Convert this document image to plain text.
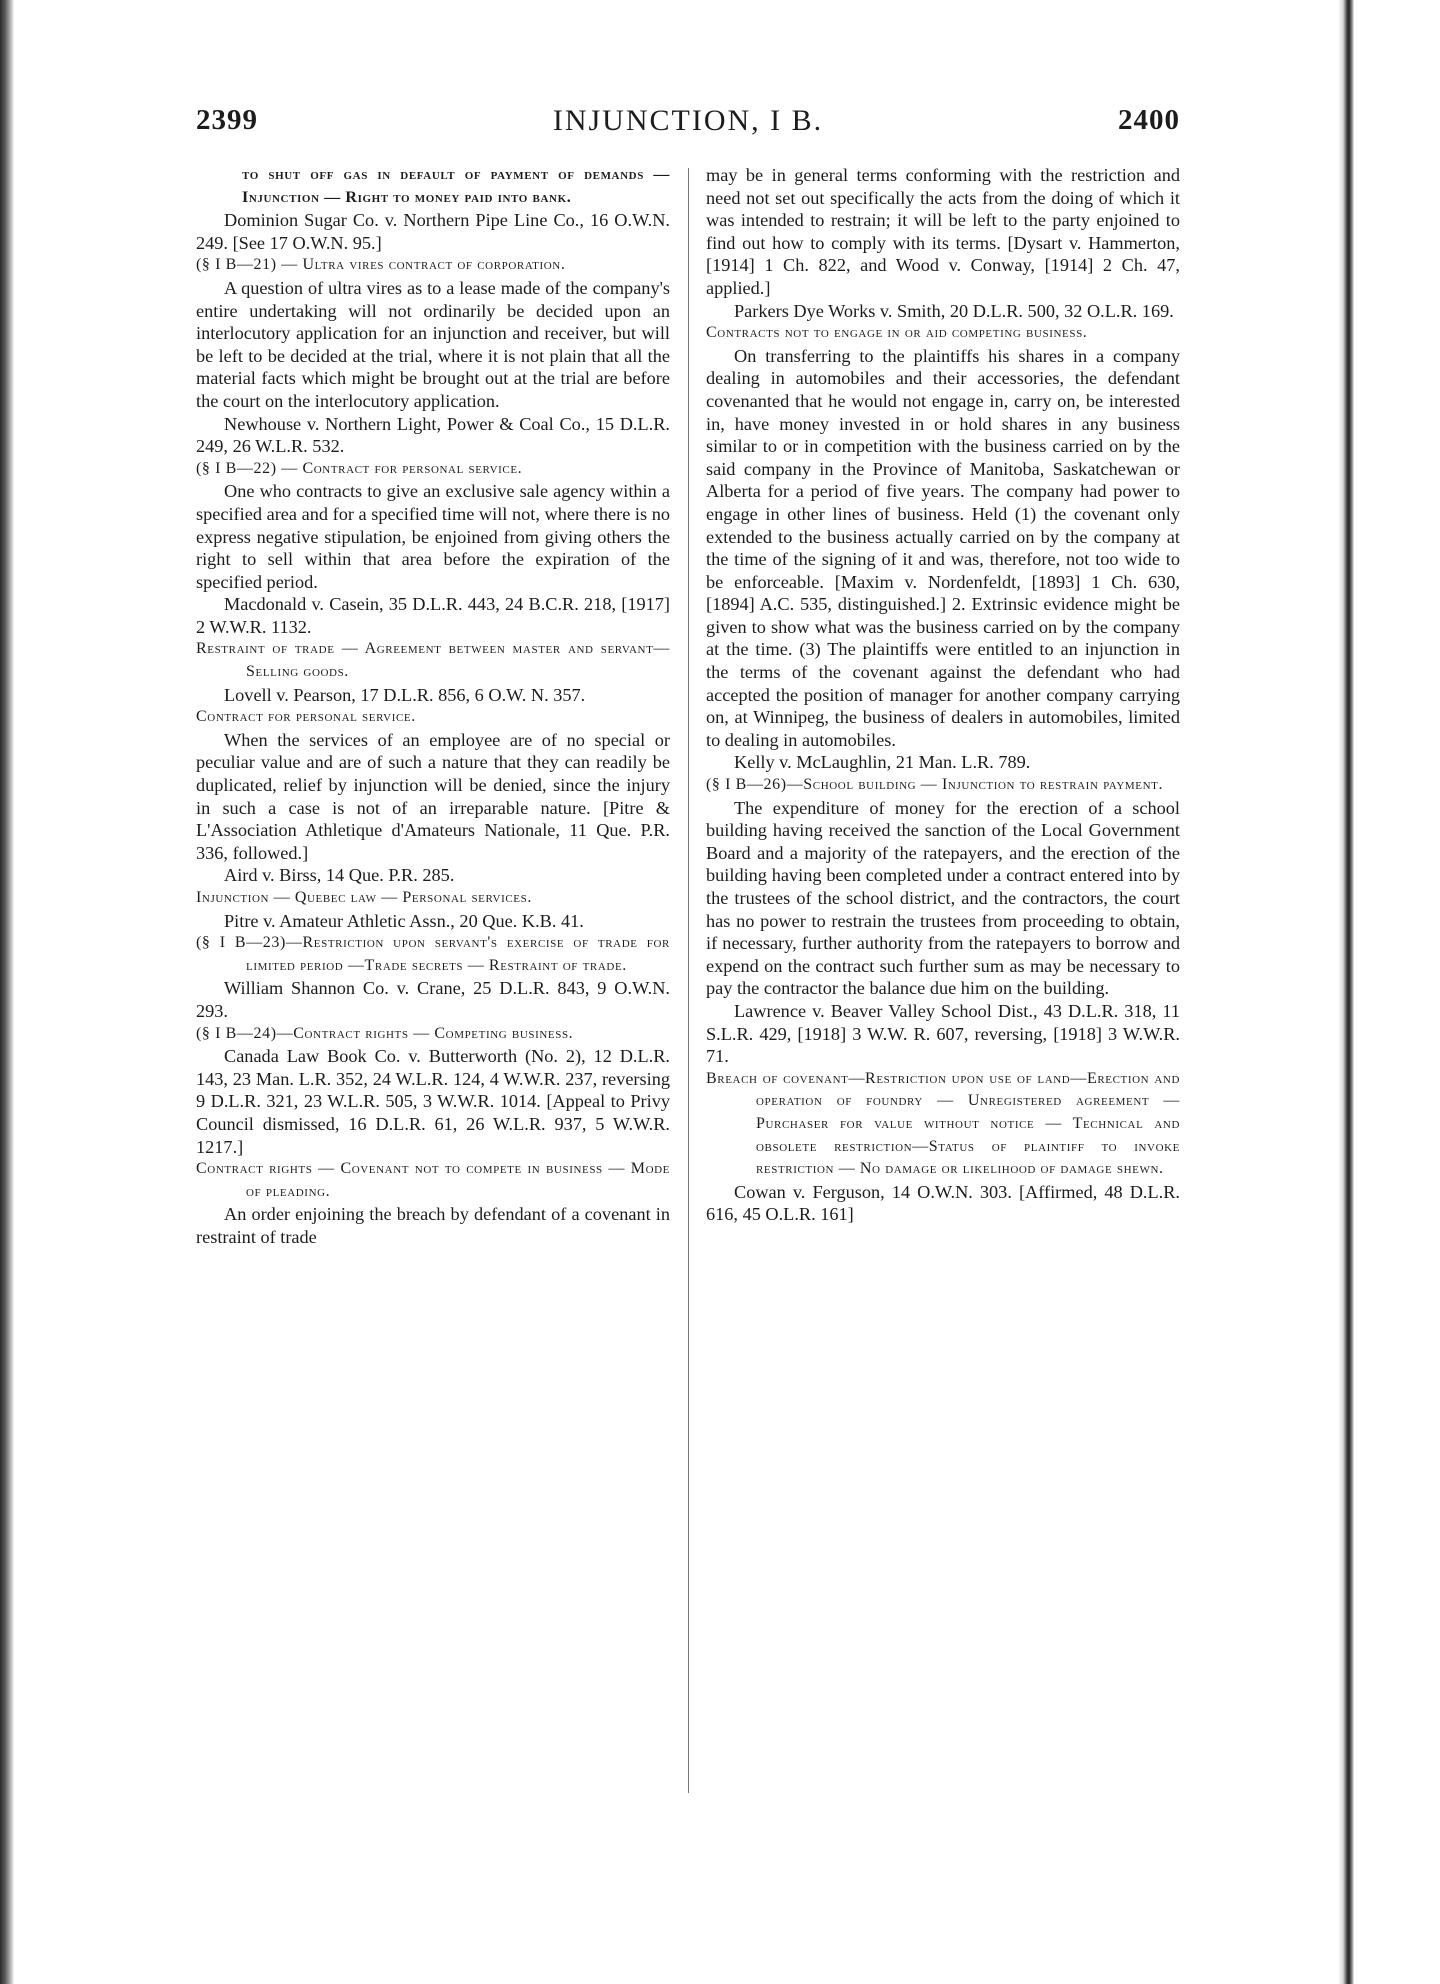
2399	INJUNCTION, I B.	2400

to shut off gas in default of payment of demands — Injunction — Right to money paid into bank.

Dominion Sugar Co. v. Northern Pipe Line Co., 16 O.W.N. 249. [See 17 O.W.N. 95.]

(§ I B—21) — Ultra vires contract of corporation.

A question of ultra vires as to a lease made of the company's entire undertaking will not ordinarily be decided upon an interlocutory application for an injunction and receiver, but will be left to be decided at the trial, where it is not plain that all the material facts which might be brought out at the trial are before the court on the interlocutory application.

Newhouse v. Northern Light, Power & Coal Co., 15 D.L.R. 249, 26 W.L.R. 532.

(§ I B—22) — Contract for personal service.

One who contracts to give an exclusive sale agency within a specified area and for a specified time will not, where there is no express negative stipulation, be enjoined from giving others the right to sell within that area before the expiration of the specified period.

Macdonald v. Casein, 35 D.L.R. 443, 24 B.C.R. 218, [1917] 2 W.W.R. 1132.

Restraint of trade — Agreement between master and servant—Selling goods.

Lovell v. Pearson, 17 D.L.R. 856, 6 O.W. N. 357.

Contract for personal service.

When the services of an employee are of no special or peculiar value and are of such a nature that they can readily be duplicated, relief by injunction will be denied, since the injury in such a case is not of an irreparable nature. [Pitre & L'Association Athletique d'Amateurs Nationale, 11 Que. P.R. 336, followed.]

Aird v. Birss, 14 Que. P.R. 285.

Injunction — Quebec law — Personal services.

Pitre v. Amateur Athletic Assn., 20 Que. K.B. 41.

(§ I B—23)—Restriction upon servant's exercise of trade for limited period —Trade secrets — Restraint of trade.

William Shannon Co. v. Crane, 25 D.L.R. 843, 9 O.W.N. 293.

(§ I B—24)—Contract rights — Competing business.

Canada Law Book Co. v. Butterworth (No. 2), 12 D.L.R. 143, 23 Man. L.R. 352, 24 W.L.R. 124, 4 W.W.R. 237, reversing 9 D.L.R. 321, 23 W.L.R. 505, 3 W.W.R. 1014. [Appeal to Privy Council dismissed, 16 D.L.R. 61, 26 W.L.R. 937, 5 W.W.R. 1217.]

Contract rights — Covenant not to compete in business — Mode of pleading.

An order enjoining the breach by defendant of a covenant in restraint of trade

may be in general terms conforming with the restriction and need not set out specifically the acts from the doing of which it was intended to restrain; it will be left to the party enjoined to find out how to comply with its terms. [Dysart v. Hammerton, [1914] 1 Ch. 822, and Wood v. Conway, [1914] 2 Ch. 47, applied.]

Parkers Dye Works v. Smith, 20 D.L.R. 500, 32 O.L.R. 169.

Contracts not to engage in or aid competing business.

On transferring to the plaintiffs his shares in a company dealing in automobiles and their accessories, the defendant covenanted that he would not engage in, carry on, be interested in, have money invested in or hold shares in any business similar to or in competition with the business carried on by the said company in the Province of Manitoba, Saskatchewan or Alberta for a period of five years. The company had power to engage in other lines of business. Held (1) the covenant only extended to the business actually carried on by the company at the time of the signing of it and was, therefore, not too wide to be enforceable. [Maxim v. Nordenfeldt, [1893] 1 Ch. 630, [1894] A.C. 535, distinguished.] 2. Extrinsic evidence might be given to show what was the business carried on by the company at the time. (3) The plaintiffs were entitled to an injunction in the terms of the covenant against the defendant who had accepted the position of manager for another company carrying on, at Winnipeg, the business of dealers in automobiles, limited to dealing in automobiles.

Kelly v. McLaughlin, 21 Man. L.R. 789.

(§ I B—26)—School building — Injunction to restrain payment.

The expenditure of money for the erection of a school building having received the sanction of the Local Government Board and a majority of the ratepayers, and the erection of the building having been completed under a contract entered into by the trustees of the school district, and the contractors, the court has no power to restrain the trustees from proceeding to obtain, if necessary, further authority from the ratepayers to borrow and expend on the contract such further sum as may be necessary to pay the contractor the balance due him on the building.

Lawrence v. Beaver Valley School Dist., 43 D.L.R. 318, 11 S.L.R. 429, [1918] 3 W.W. R. 607, reversing, [1918] 3 W.W.R. 71.

Breach of covenant—Restriction upon use of land—Erection and operation of foundry — Unregistered agreement — Purchaser for value without notice — Technical and obsolete restriction—Status of plaintiff to invoke restriction — No damage or likelihood of damage shewn.

Cowan v. Ferguson, 14 O.W.N. 303. [Affirmed, 48 D.L.R. 616, 45 O.L.R. 161]
